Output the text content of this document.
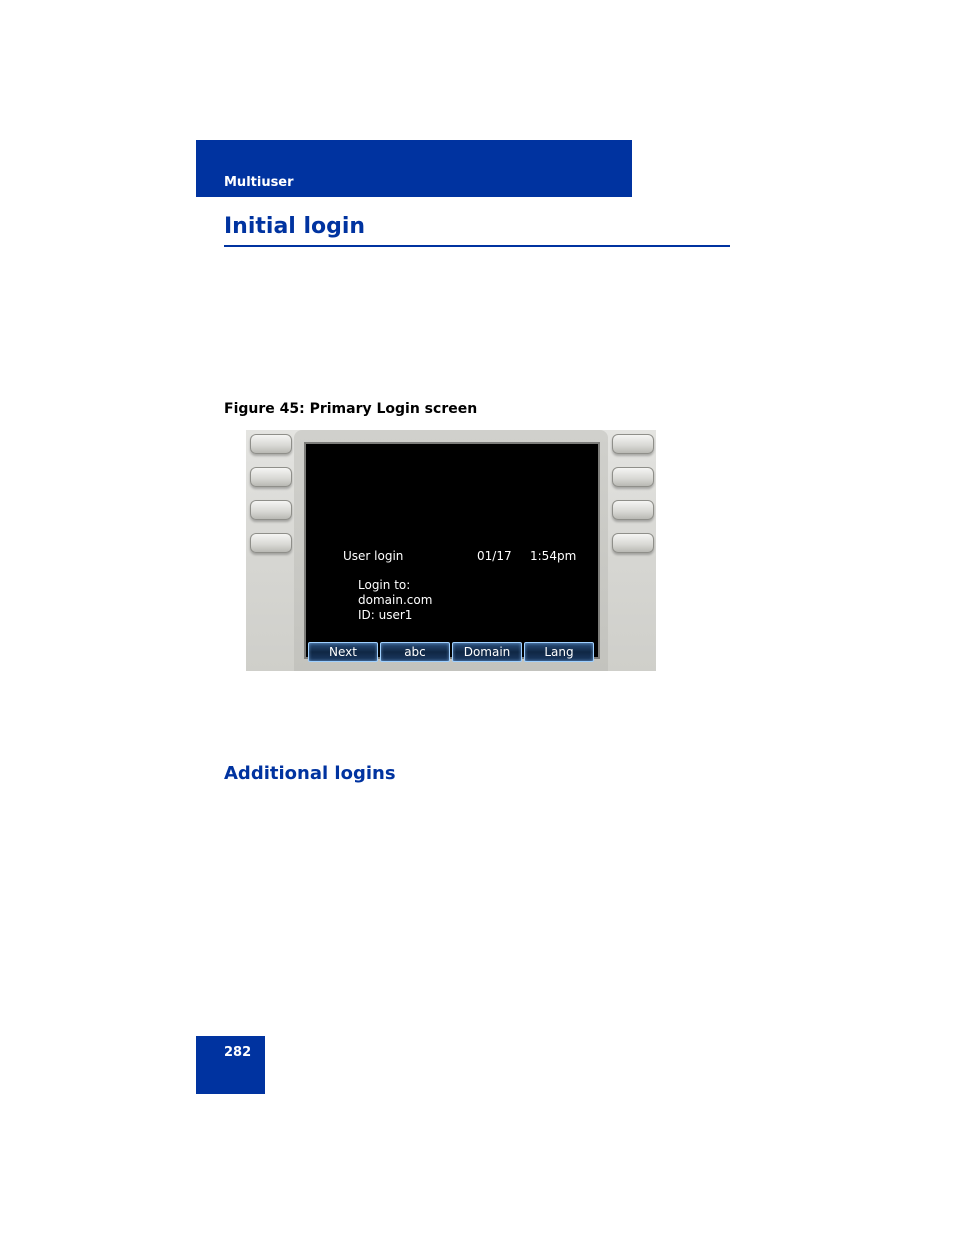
Multiuser
Initial login
Figure 45: Primary Login screen
User login	01/17 1:54pm
Login to:
domain.com
ID: user1
Next	abc	Domain	Lang
Additional logins
282
